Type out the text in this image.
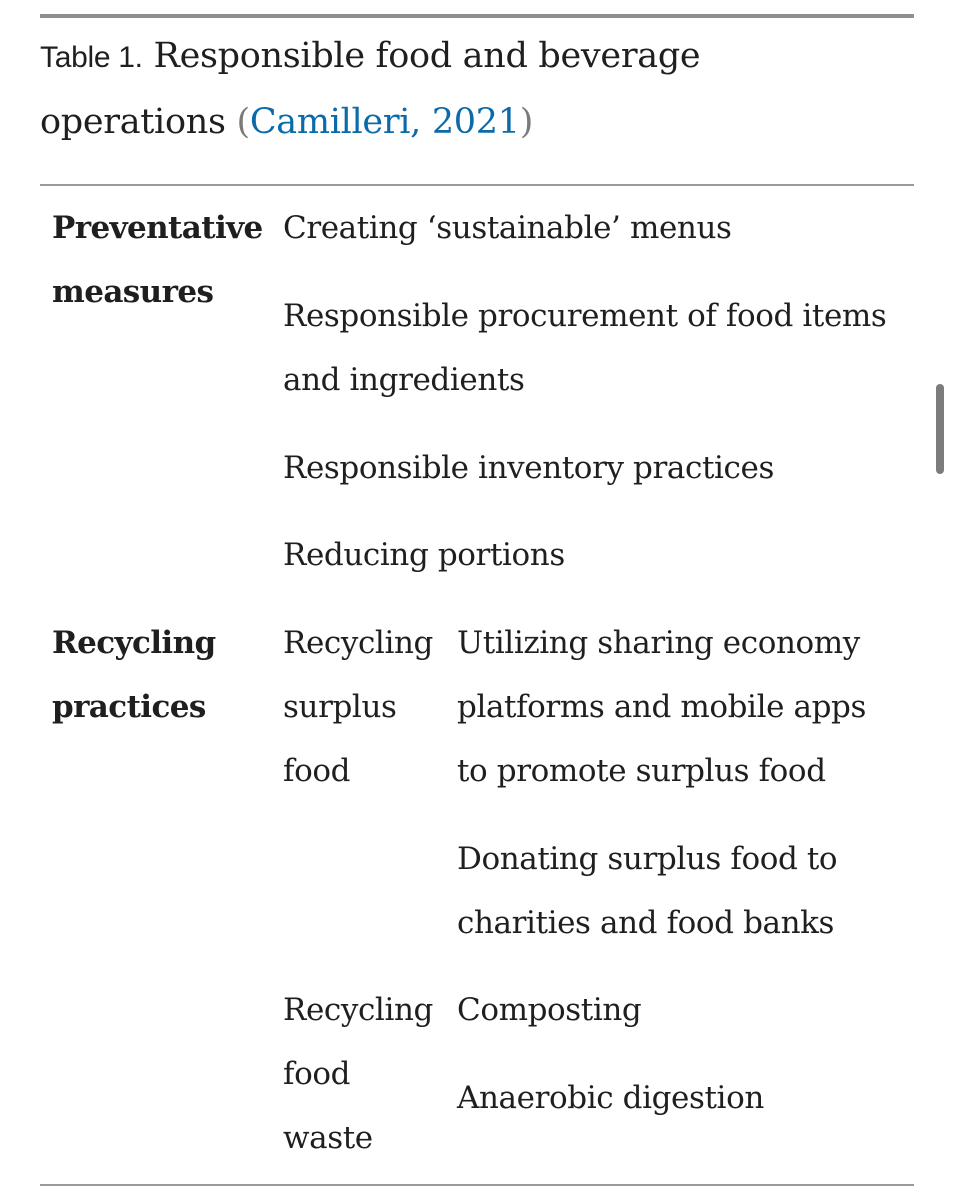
Table 1. Responsible food and beverage
operations (Camilleri, 2021)
Preventative
measures
Creating ‘sustainable’ menus
Responsible procurement of food items
and ingredients
Responsible inventory practices
Reducing portions
Recycling
practices
Recycling
surplus
food
Utilizing sharing economy
platforms and mobile apps
to promote surplus food
Donating surplus food to
charities and food banks
Recycling
food
waste
Composting
Anaerobic digestion
